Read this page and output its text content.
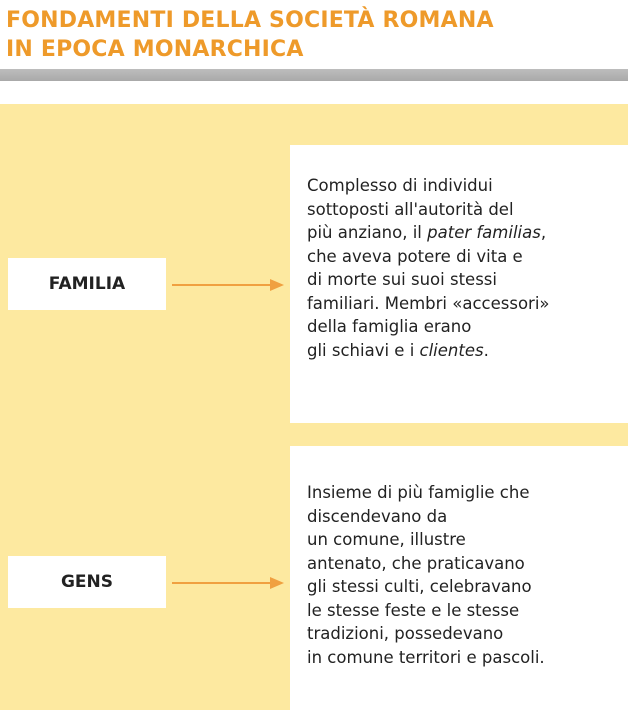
FONDAMENTI DELLA SOCIETÀ ROMANA
IN EPOCA MONARCHICA
FAMILIA
Complesso di individui
sottoposti all'autorità del
più anziano, il pater familias,
che aveva potere di vita e
di morte sui suoi stessi
familiari. Membri «accessori»
della famiglia erano
gli schiavi e i clientes.
GENS
Insieme di più famiglie che
discendevano da
un comune, illustre
antenato, che praticavano
gli stessi culti, celebravano
le stesse feste e le stesse
tradizioni, possedevano
in comune territori e pascoli.
